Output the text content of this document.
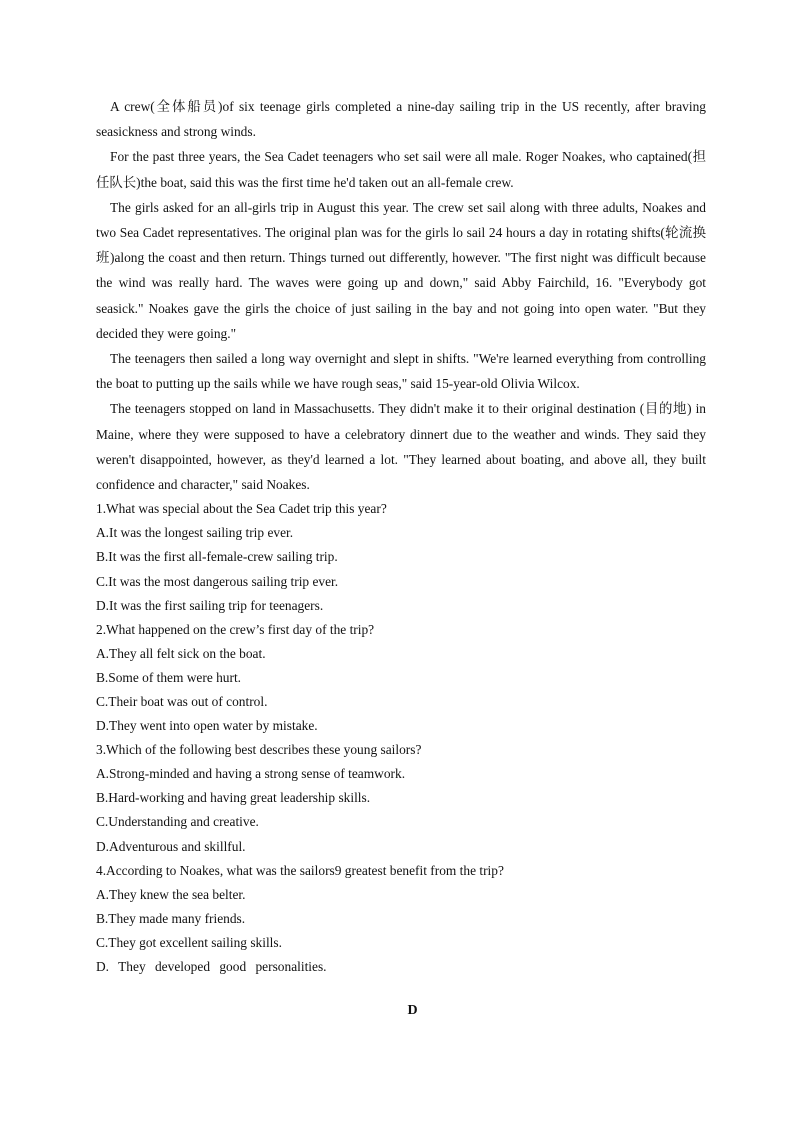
A crew(全体船员)of six teenage girls completed a nine-day sailing trip in the US recently, after braving seasickness and strong winds.

For the past three years, the Sea Cadet teenagers who set sail were all male. Roger Noakes, who captained(担任队长)the boat, said this was the first time he'd taken out an all-female crew.

The girls asked for an all-girls trip in August this year. The crew set sail along with three adults, Noakes and two Sea Cadet representatives. The original plan was for the girls lo sail 24 hours a day in rotating shifts(轮流换班)along the coast and then return. Things turned out differently, however. "The first night was difficult because the wind was really hard. The waves were going up and down," said Abby Fairchild, 16. "Everybody got seasick." Noakes gave the girls the choice of just sailing in the bay and not going into open water. "But they decided they were going."

The teenagers then sailed a long way overnight and slept in shifts. "We're learned everything from controlling the boat to putting up the sails while we have rough seas," said 15-year-old Olivia Wilcox.

The teenagers stopped on land in Massachusetts. They didn't make it to their original destination (目的地) in Maine, where they were supposed to have a celebratory dinnert due to the weather and winds. They said they weren't disappointed, however, as they'd learned a lot. "They learned about boating, and above all, they built confidence and character," said Noakes.

1.What was special about the Sea Cadet trip this year?

A.It was the longest sailing trip ever.

B.It was the first all-female-crew sailing trip.

C.It was the most dangerous sailing trip ever.

D.It was the first sailing trip for teenagers.

2.What happened on the crew’s first day of the trip?

A.They all felt sick on the boat.

B.Some of them were hurt.

C.Their boat was out of control.

D.They went into open water by mistake.

3.Which of the following best describes these young sailors?

A.Strong-minded and having a strong sense of teamwork.

B.Hard-working and having great leadership skills.

C.Understanding and creative.

D.Adventurous and skillful.

4.According to Noakes, what was the sailors9 greatest benefit from the trip?

A.They knew the sea belter.

B.They made many friends.

C.They got excellent sailing skills.

D. They developed good personalities.

D
